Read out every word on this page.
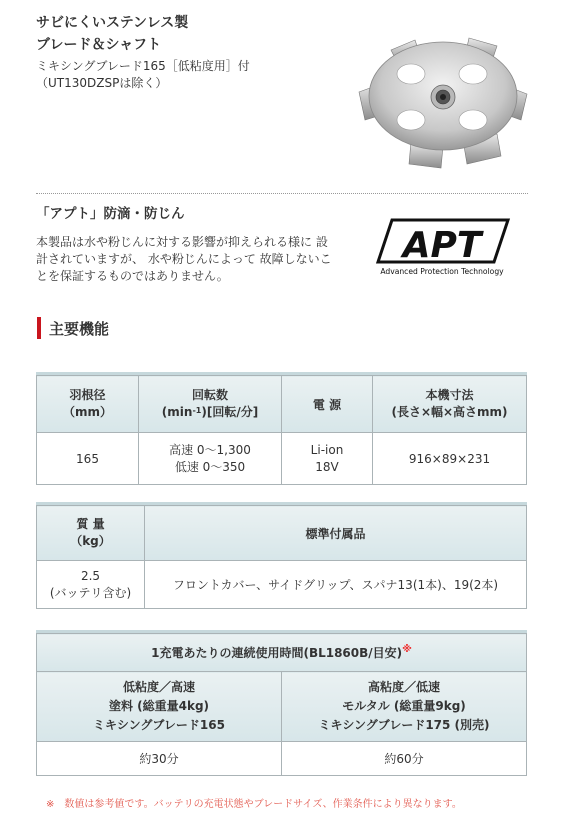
サビにくいステンレス製
ブレード＆シャフト
ミキシングブレード165［低粘度用］付
（UT130DZSPは除く）
「アプト」防滴・防じん
本製品は水や粉じんに対する影響が抑えられる様に 設
計されていますが、 水や粉じんによって 故障しないこ
とを保証するものではありません。
APT
Advanced Protection Technology
主要機能
羽根径
（mm）	回転数
$(\min^{-1})$[回転/分]	電 源	本機寸法
(長さ×幅×高さmm)

165	高速 0〜1,300
低速 0〜350	Li-ion
18V	916×89×231
質 量
（kg）	標準付属品

2.5
(バッテリ含む)	フロントカバー、サイドグリップ、スパナ13(1本)、19(2本)
1充電あたりの連続使用時間(BL1860B/目安)※

低粘度／高速
塗料 (総重量4kg)
ミキシングブレード165	高粘度／低速
モルタル (総重量9kg)
ミキシングブレード175 (別売)

約30分	約60分
※　数値は参考値です。バッテリの充電状態やブレードサイズ、作業条件により異なります。
